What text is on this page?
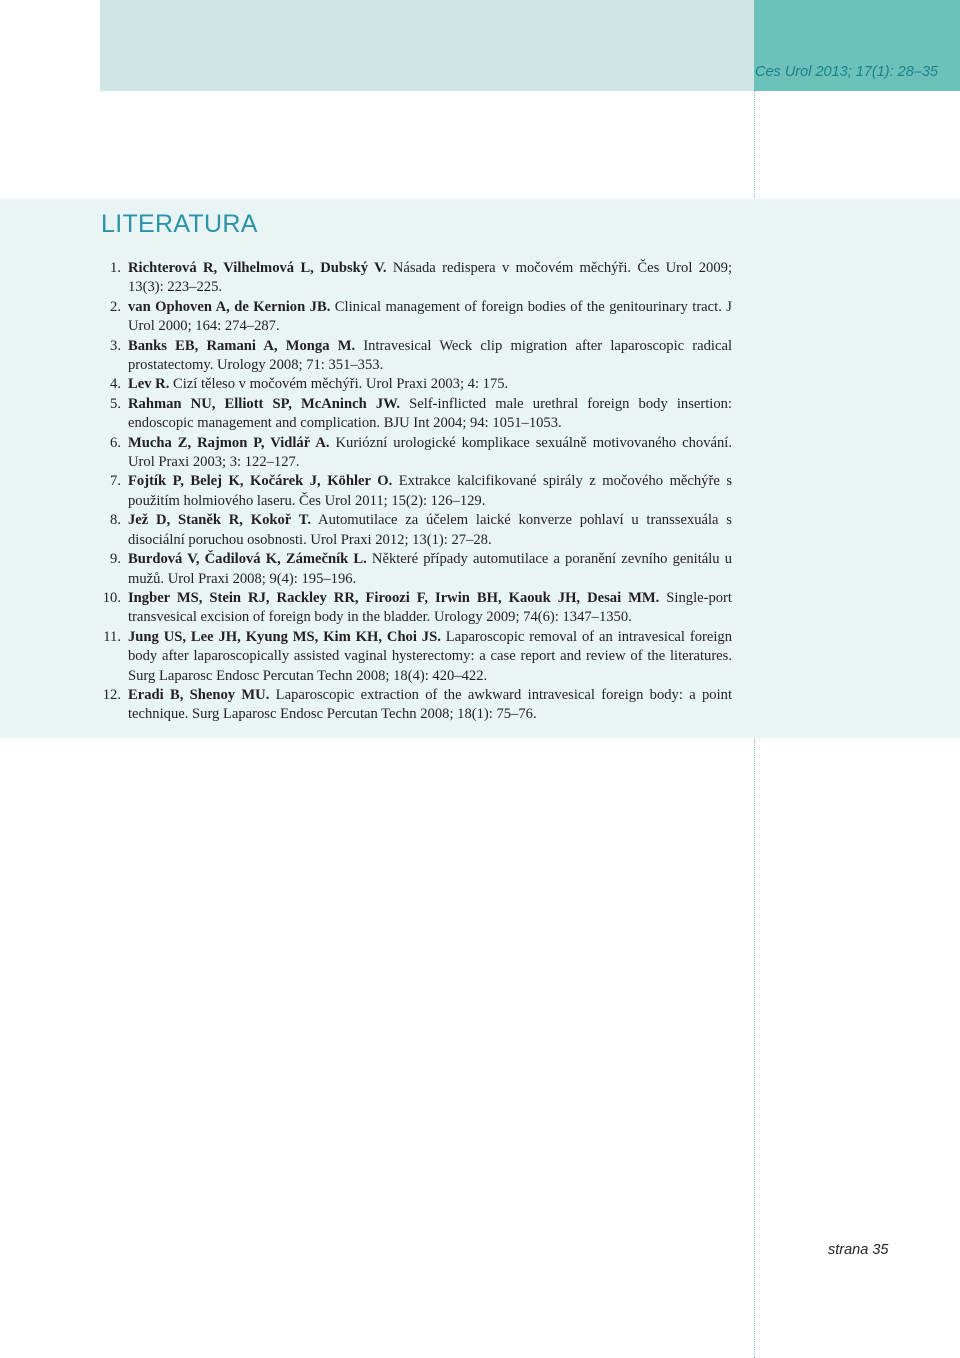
Ces Urol 2013; 17(1): 28–35
LITERATURA
1. Richterová R, Vilhelmová L, Dubský V. Násada redispera v močovém měchýři. Čes Urol 2009; 13(3): 223–225.
2. van Ophoven A, de Kernion JB. Clinical management of foreign bodies of the genitourinary tract. J Urol 2000; 164: 274–287.
3. Banks EB, Ramani A, Monga M. Intravesical Weck clip migration after laparoscopic radical prostatectomy. Urology 2008; 71: 351–353.
4. Lev R. Cizí těleso v močovém měchýři. Urol Praxi 2003; 4: 175.
5. Rahman NU, Elliott SP, McAninch JW. Self-inflicted male urethral foreign body insertion: endoscopic management and complication. BJU Int 2004; 94: 1051–1053.
6. Mucha Z, Rajmon P, Vidlář A. Kuriózní urologické komplikace sexuálně motivovaného chování. Urol Praxi 2003; 3: 122–127.
7. Fojtík P, Belej K, Kočárek J, Köhler O. Extrakce kalcifikované spirály z močového měchýře s použitím holmiového laseru. Čes Urol 2011; 15(2): 126–129.
8. Jež D, Staněk R, Kokoř T. Automutilace za účelem laické konverze pohlaví u transsexuála s disociální poruchou osobnosti. Urol Praxi 2012; 13(1): 27–28.
9. Burdová V, Čadilová K, Zámečník L. Některé případy automutilace a poranění zevního genitálu u mužů. Urol Praxi 2008; 9(4): 195–196.
10. Ingber MS, Stein RJ, Rackley RR, Firoozi F, Irwin BH, Kaouk JH, Desai MM. Single-port transvesical excision of foreign body in the bladder. Urology 2009; 74(6): 1347–1350.
11. Jung US, Lee JH, Kyung MS, Kim KH, Choi JS. Laparoscopic removal of an intravesical foreign body after laparoscopically assisted vaginal hysterectomy: a case report and review of the literatures. Surg Laparosc Endosc Percutan Techn 2008; 18(4): 420–422.
12. Eradi B, Shenoy MU. Laparoscopic extraction of the awkward intravesical foreign body: a point technique. Surg Laparosc Endosc Percutan Techn 2008; 18(1): 75–76.
strana 35
